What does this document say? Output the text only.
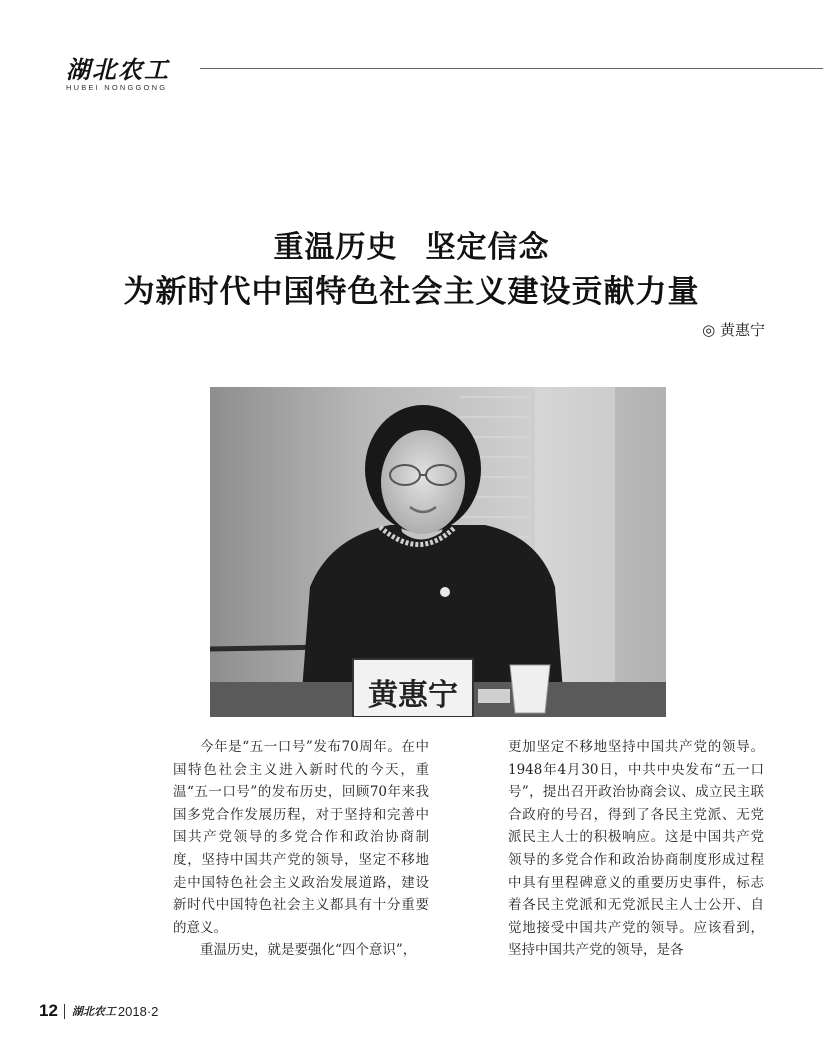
湖北农工
HUBEI NONGGONG
重温历史 坚定信念
为新时代中国特色社会主义建设贡献力量
◎ 黄惠宁
黄惠宁

今年是“五一口号”发布70周年。在中国特色社会主义进入新时代的今天，重温“五一口号”的发布历史，回顾70年来我国多党合作发展历程，对于坚持和完善中国共产党领导的多党合作和政治协商制度，坚持中国共产党的领导，坚定不移地走中国特色社会主义政治发展道路，建设新时代中国特色社会主义都具有十分重要的意义。

重温历史，就是要强化“四个意识”，

更加坚定不移地坚持中国共产党的领导。1948年4月30日，中共中央发布“五一口号”，提出召开政治协商会议、成立民主联合政府的号召，得到了各民主党派、无党派民主人士的积极响应。这是中国共产党领导的多党合作和政治协商制度形成过程中具有里程碑意义的重要历史事件，标志着各民主党派和无党派民主人士公开、自觉地接受中国共产党的领导。应该看到，坚持中国共产党的领导，是各

12 湖北农工 2018·2
